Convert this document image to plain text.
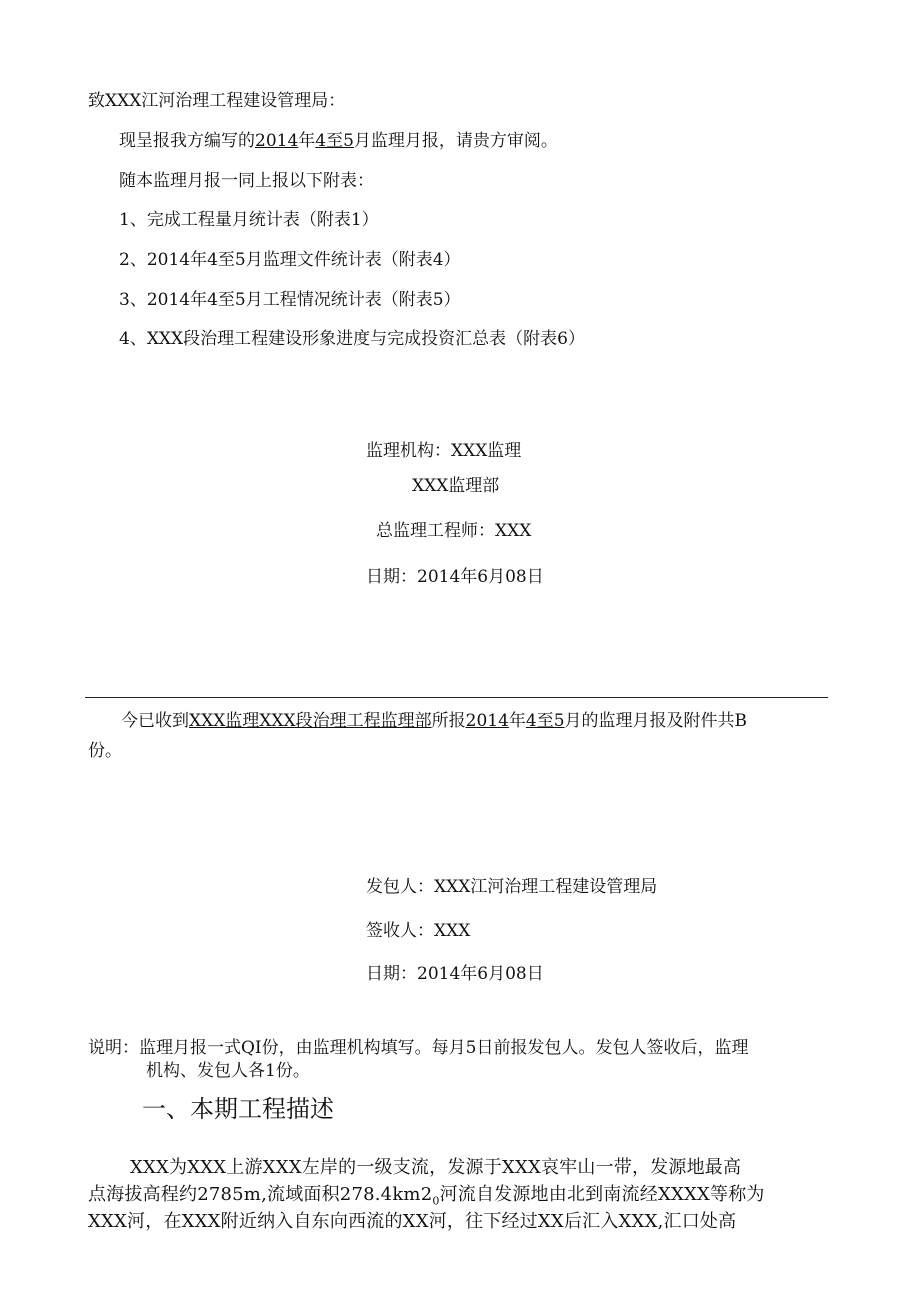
致XXX江河治理工程建设管理局：
现呈报我方编写的2014年4至5月监理月报，请贵方审阅。
随本监理月报一同上报以下附表：
1、完成工程量月统计表（附表1）
2、2014年4至5月监理文件统计表（附表4）
3、2014年4至5月工程情况统计表（附表5）
4、XXX段治理工程建设形象进度与完成投资汇总表（附表6）
监理机构：XXX监理
XXX监理部
总监理工程师：XXX
日期：2014年6月08日
今已收到XXX监理XXX段治理工程监理部所报2014年4至5月的监理月报及附件共B
份。
发包人：XXX江河治理工程建设管理局
签收人：XXX
日期：2014年6月08日
说明：监理月报一式QI份，由监理机构填写。每月5日前报发包人。发包人签收后，监理
机构、发包人各1份。
一、本期工程描述
XXX为XXX上游XXX左岸的一级支流，发源于XXX哀牢山一带，发源地最高
点海拔高程约2785m,流域面积$278.4km2_0$河流自发源地由北到南流经XXXX等称为
XXX河，在XXX附近纳入自东向西流的XX河，往下经过XX后汇入XXX,汇口处高
